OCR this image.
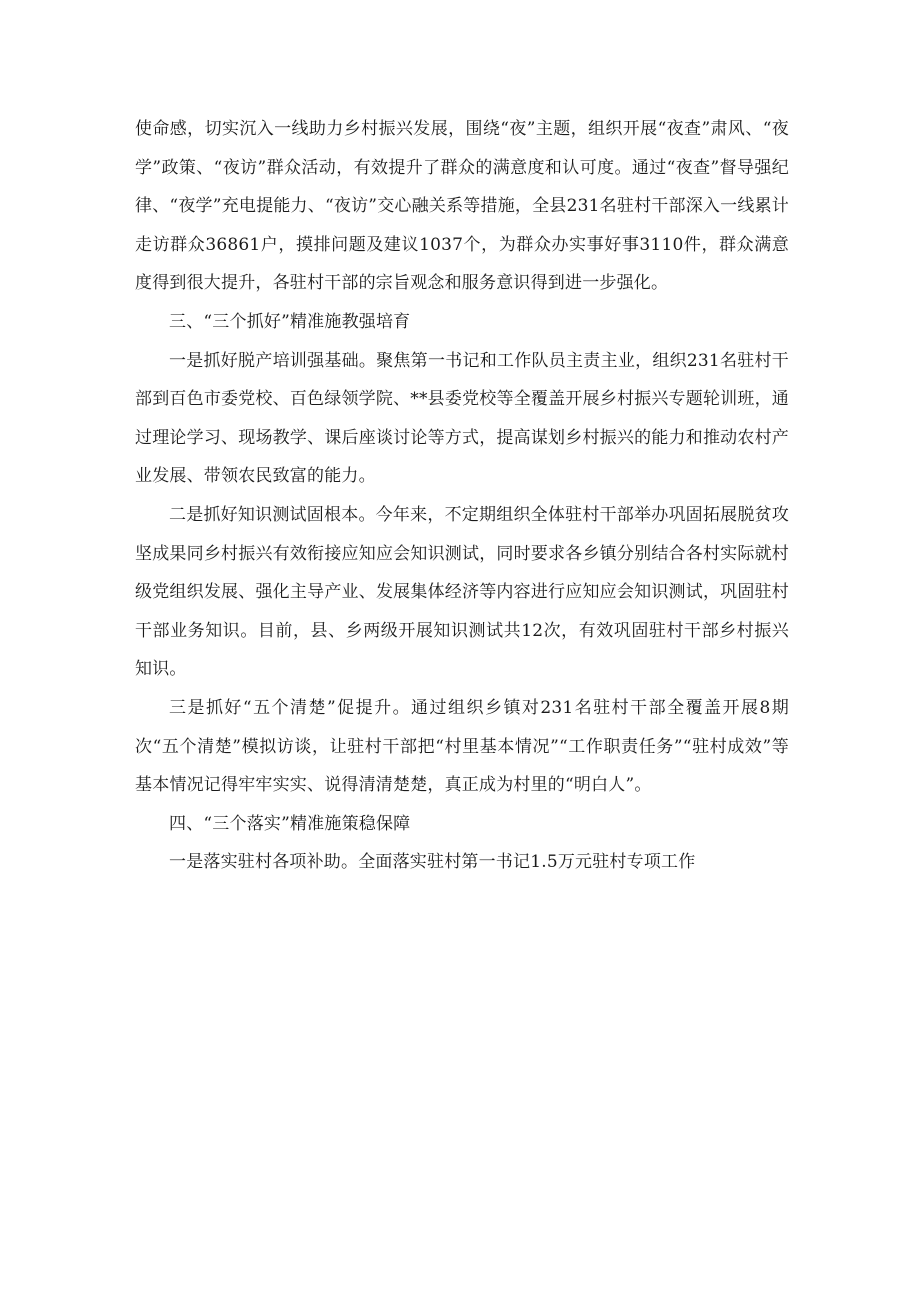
使命感，切实沉入一线助力乡村振兴发展，围绕“夜”主题，组织开展“夜查”肃风、“夜学”政策、“夜访”群众活动，有效提升了群众的满意度和认可度。通过“夜查”督导强纪律、“夜学”充电提能力、“夜访”交心融关系等措施，全县231名驻村干部深入一线累计走访群众36861户，摸排问题及建议1037个，为群众办实事好事3110件，群众满意度得到很大提升，各驻村干部的宗旨观念和服务意识得到进一步强化。

三、“三个抓好”精准施教强培育

一是抓好脱产培训强基础。聚焦第一书记和工作队员主责主业，组织231名驻村干部到百色市委党校、百色绿领学院、**县委党校等全覆盖开展乡村振兴专题轮训班，通过理论学习、现场教学、课后座谈讨论等方式，提高谋划乡村振兴的能力和推动农村产业发展、带领农民致富的能力。

二是抓好知识测试固根本。今年来，不定期组织全体驻村干部举办巩固拓展脱贫攻坚成果同乡村振兴有效衔接应知应会知识测试，同时要求各乡镇分别结合各村实际就村级党组织发展、强化主导产业、发展集体经济等内容进行应知应会知识测试，巩固驻村干部业务知识。目前，县、乡两级开展知识测试共12次，有效巩固驻村干部乡村振兴知识。

三是抓好“五个清楚”促提升。通过组织乡镇对231名驻村干部全覆盖开展8期次“五个清楚”模拟访谈，让驻村干部把“村里基本情况”“工作职责任务”“驻村成效”等基本情况记得牢牢实实、说得清清楚楚，真正成为村里的“明白人”。

四、“三个落实”精准施策稳保障

一是落实驻村各项补助。全面落实驻村第一书记1.5万元驻村专项工作
